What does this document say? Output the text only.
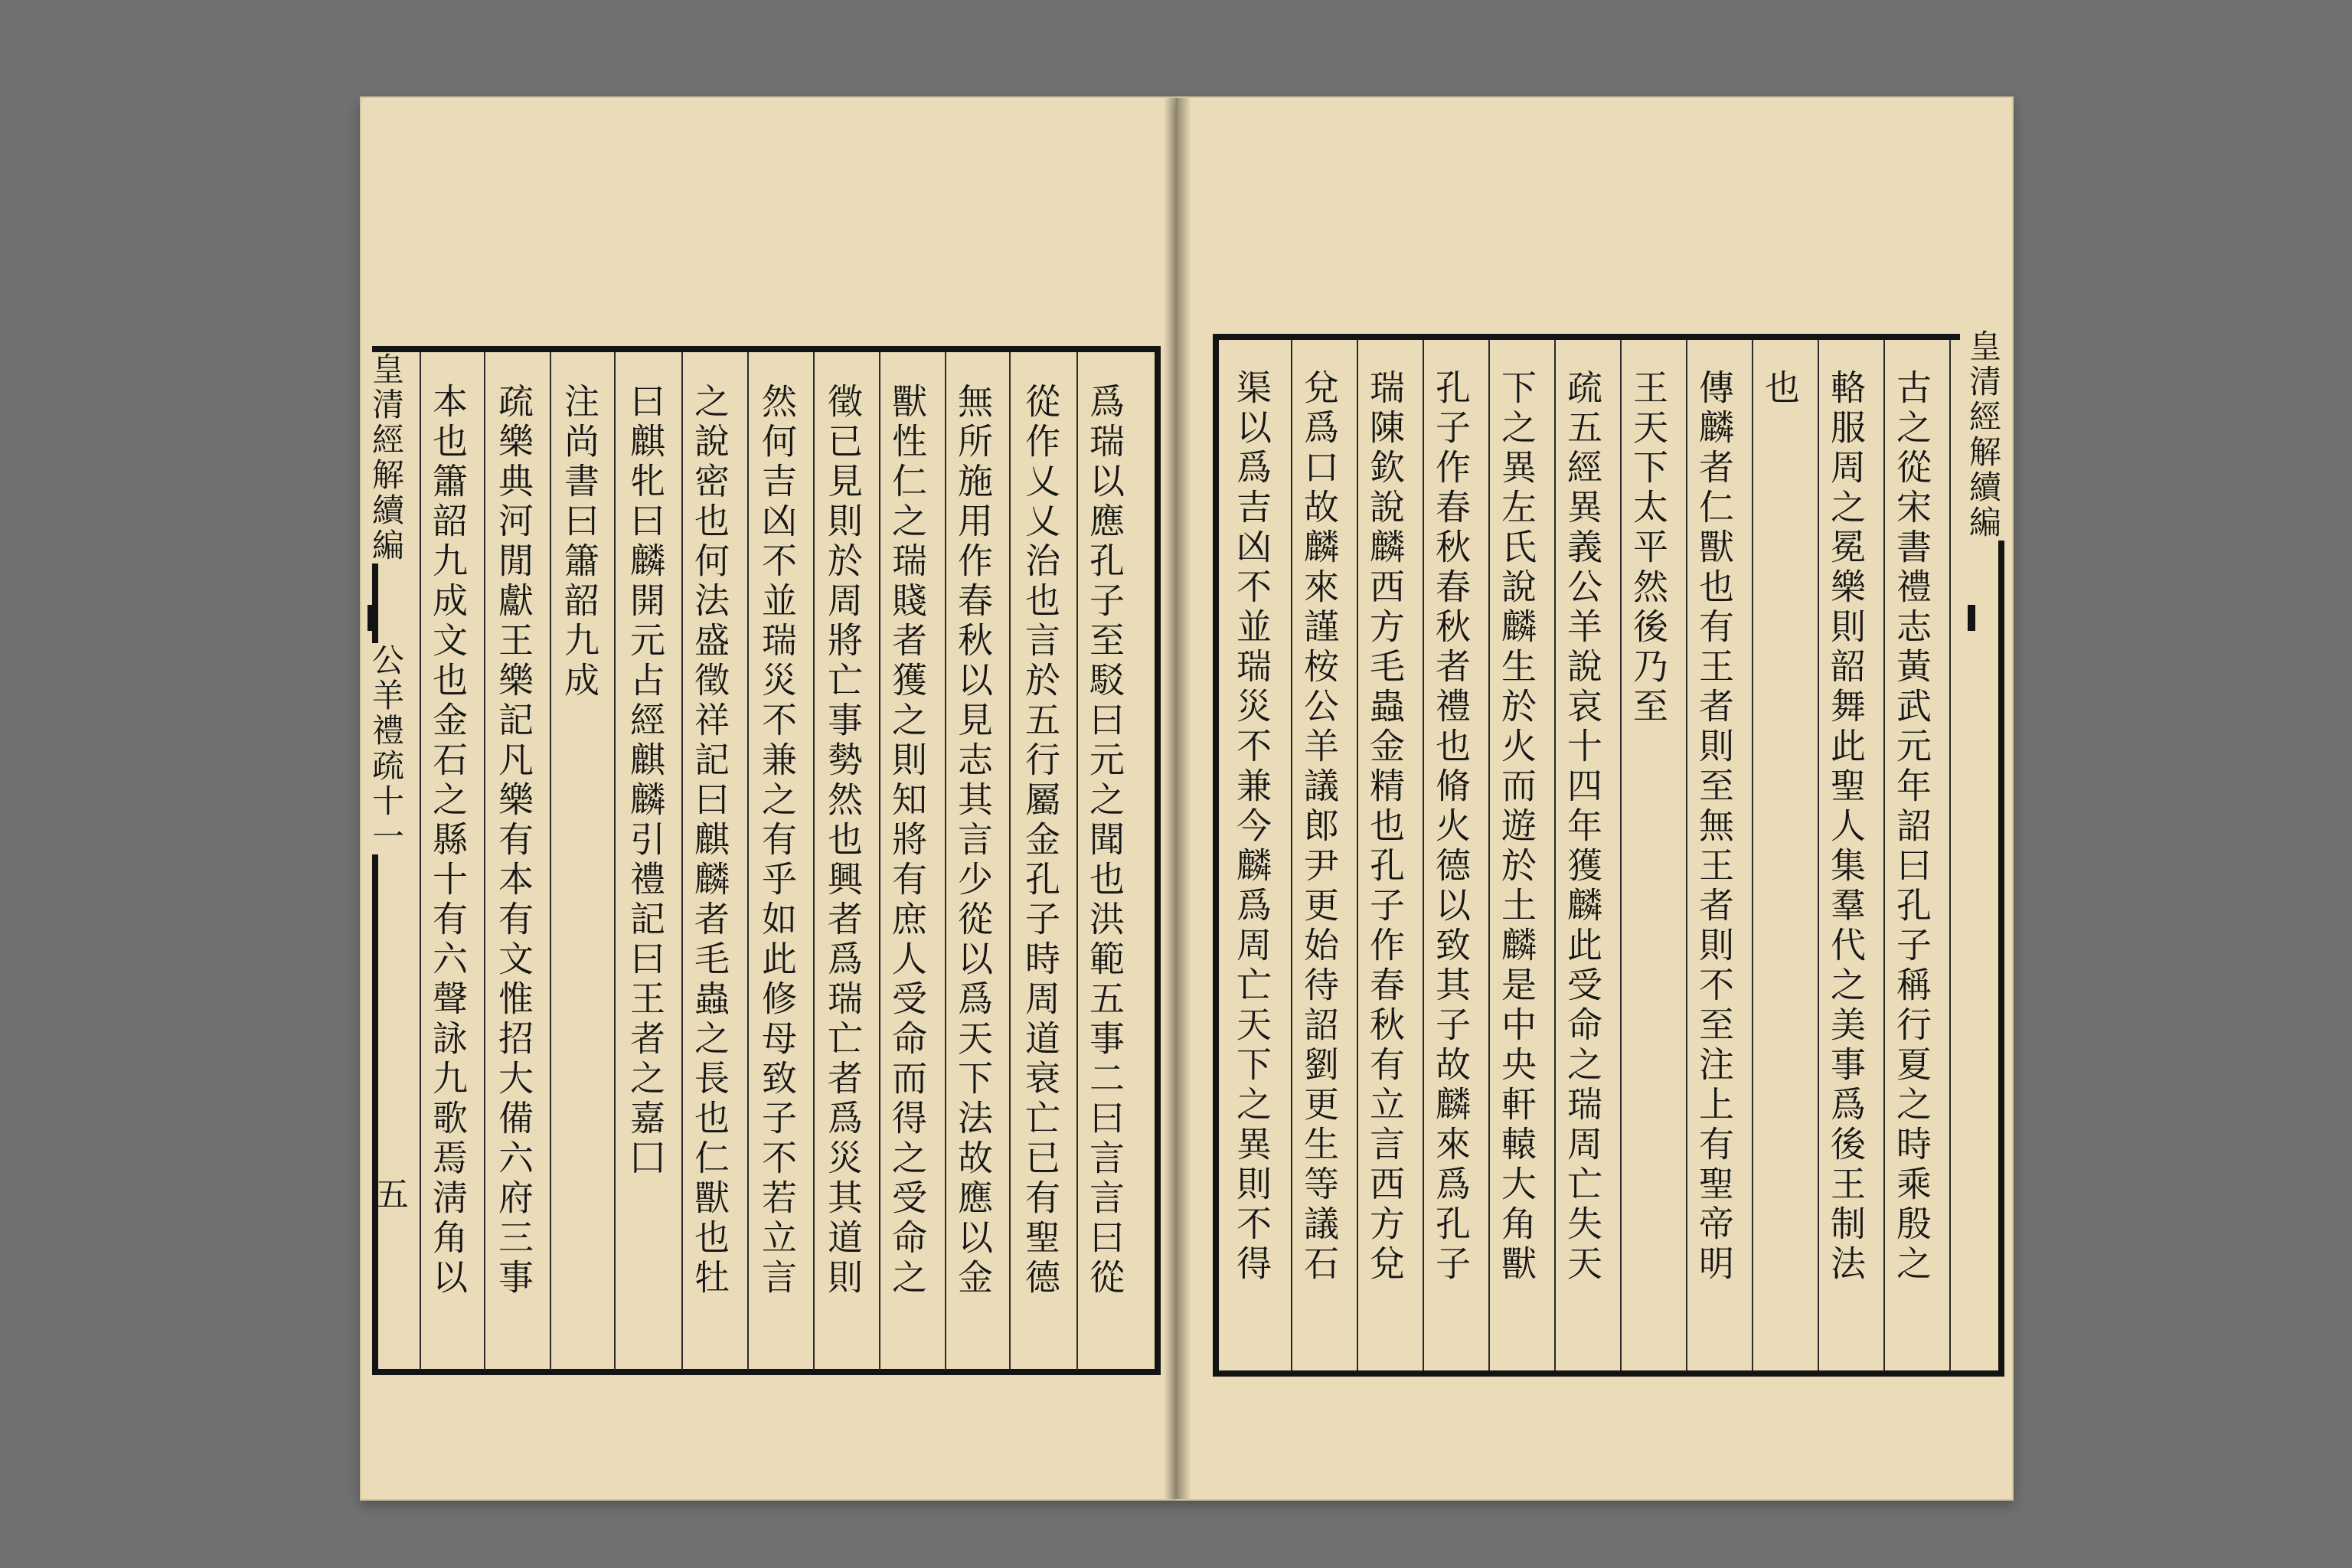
皇清經解續編
公羊禮疏十一 本也簫韶九成文也金石之縣十有六聲詠九歌焉淸角以 疏樂典河閒獻王樂記凡樂有本有文惟招大備六府三事 注尚書曰簫韶九成 曰麒牝曰麟開元占經麒麟引禮記曰王者之嘉囗 之說密也何法盛徵祥記曰麒麟者毛蟲之長也仁獸也牡 然何吉凶不並瑞災不兼之有乎如此修母致子不若立言 徵已見則於周將亡事勢然也興者爲瑞亡者爲災其道則 獸性仁之瑞賤者獲之則知將有庶人受命而得之受命之 無所施用作春秋以見志其言少從以爲天下法故應以金 從作乂乂治也言於五行屬金孔子時周道衰亡已有聖德 爲瑞以應孔子至駁曰元之聞也洪範五事二曰言言曰從
五	渠以爲吉凶不並瑞災不兼今麟爲周亡天下之異則不得 兌爲口故麟來謹桉公羊議郎尹更始待詔劉更生等議石 瑞陳欽說麟西方毛蟲金精也孔子作春秋有立言西方兌 孔子作春秋春秋者禮也脩火德以致其子故麟來爲孔子 下之異左氏說麟生於火而遊於土麟是中央軒轅大角獸 疏五經異義公羊說哀十四年獲麟此受命之瑞周亡失天 王天下太平然後乃至 傳麟者仁獸也有王者則至無王者則不至注上有聖帝明 也 輅服周之冕樂則韶舞此聖人集羣代之美事爲後王制法 古之從宋書禮志黃武元年詔曰孔子稱行夏之時乘殷之 皇清經解續編
